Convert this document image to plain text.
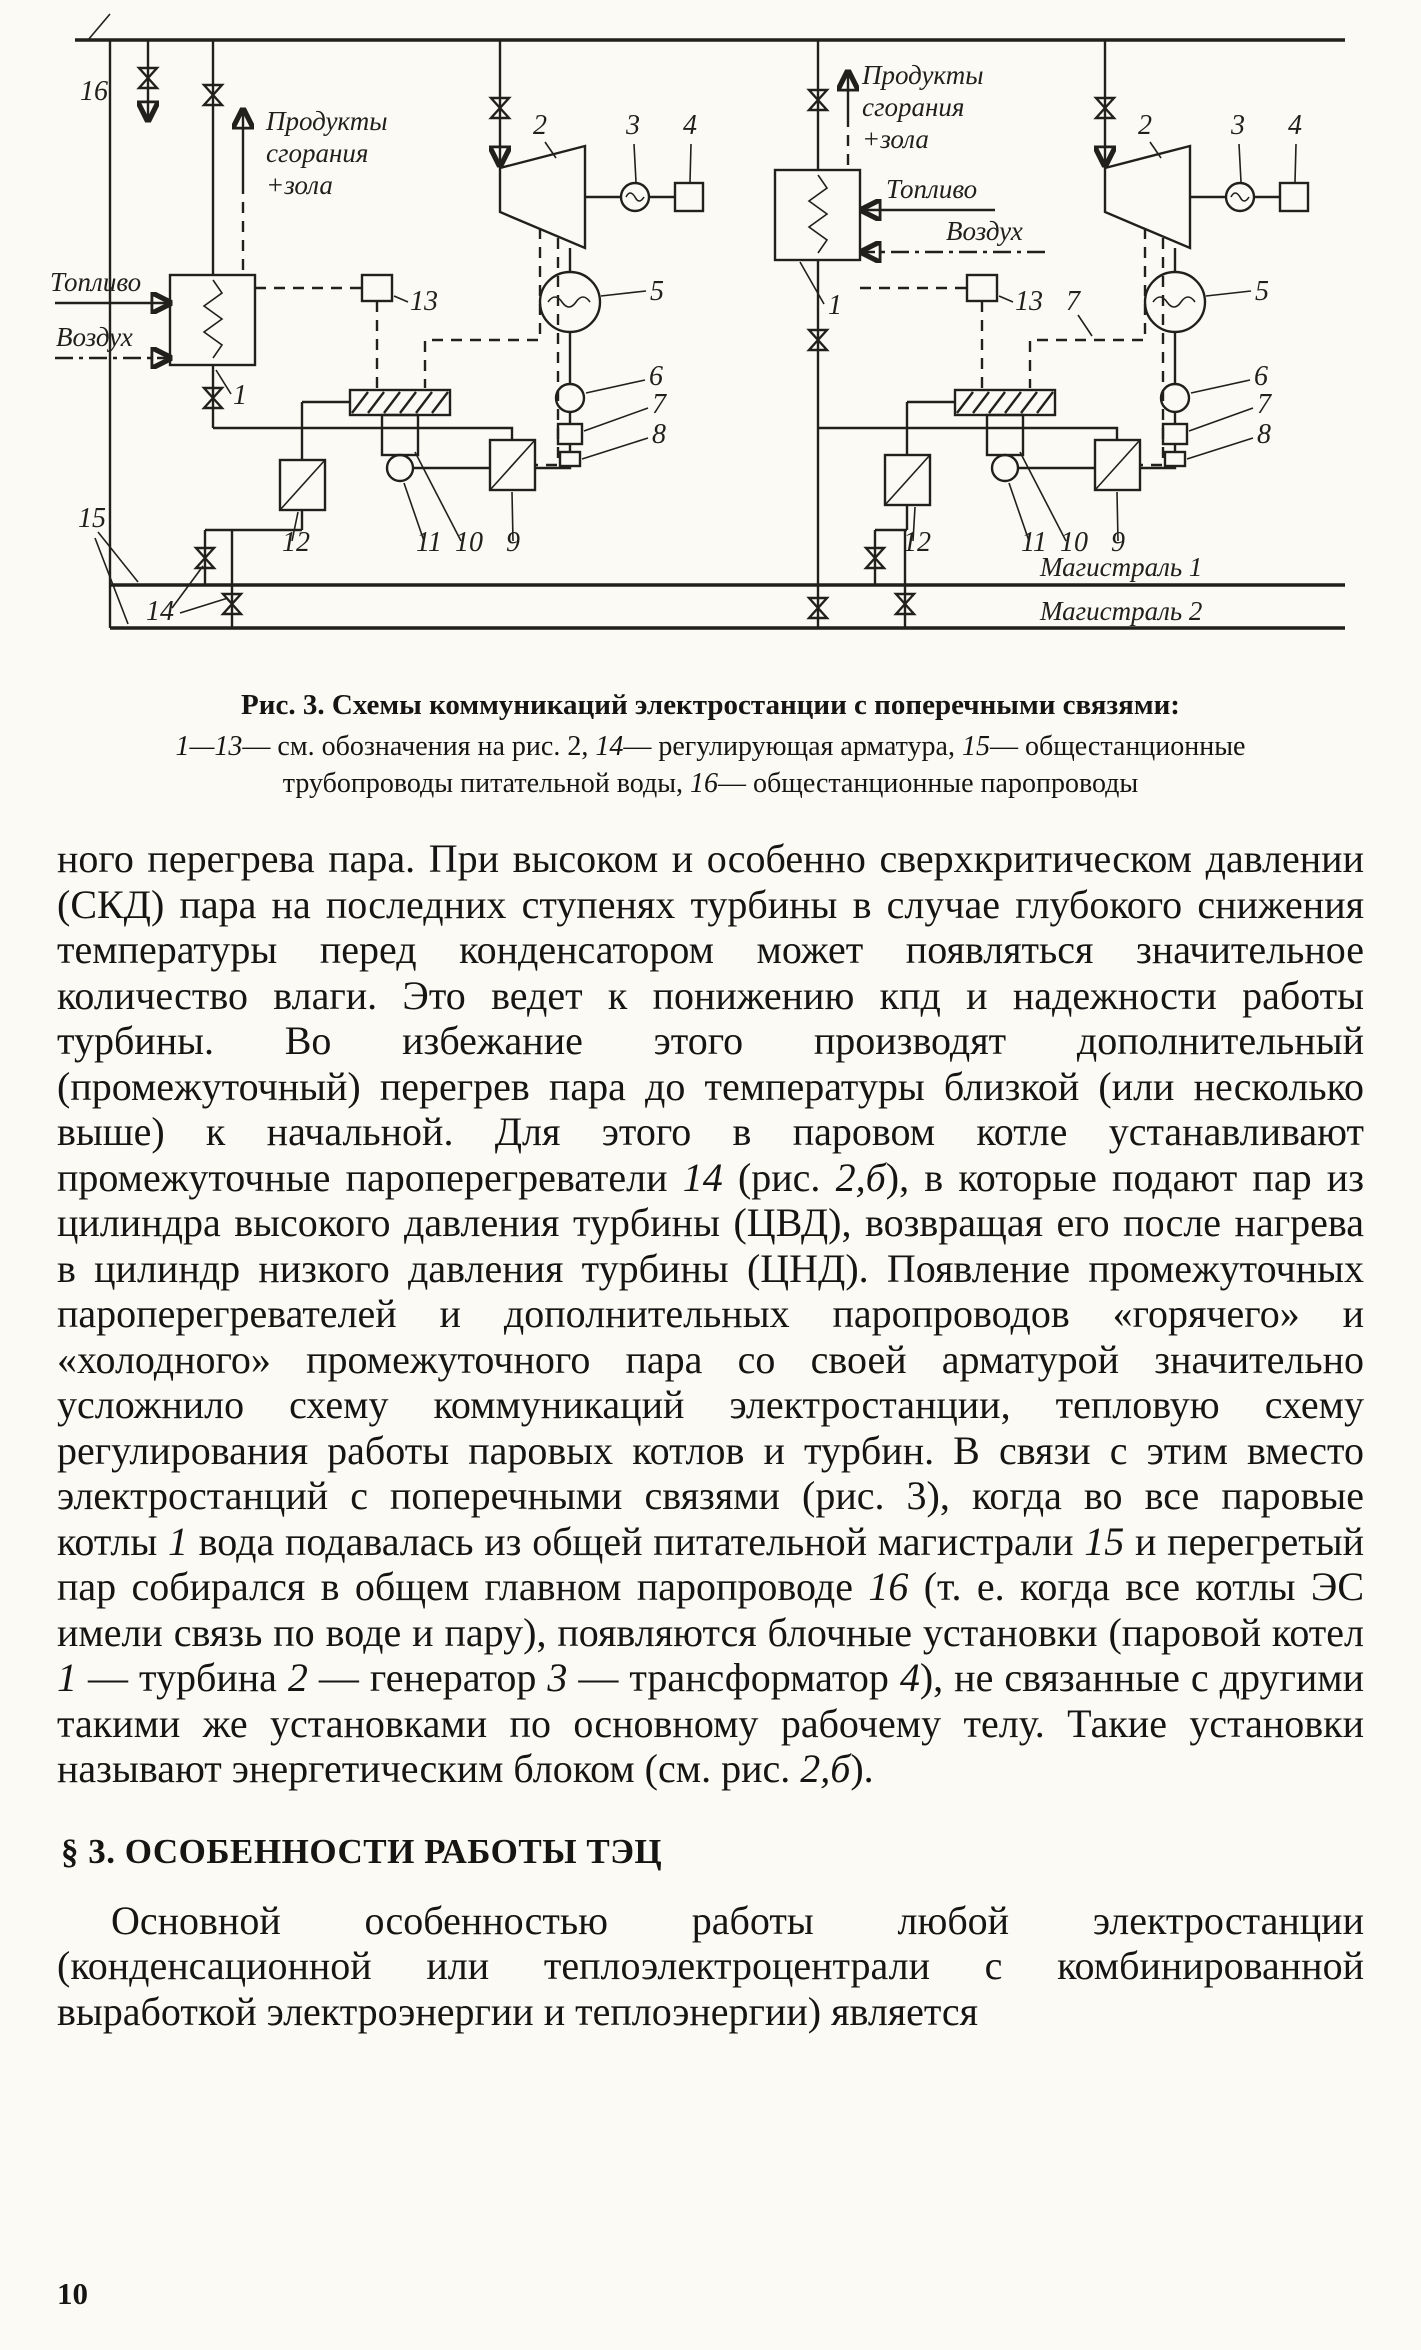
16
Магистраль 1
Магистраль 2
Продукты
сгорания
+зола
Топливо
Воздух
1
2	3 4
5
6
7
8
13
12	11 10 9
15
14
Продукты
сгорания
+зола
Топливо
Воздух
1
2	3 4
5
6
7
8
13 7
12	11 10 9
Рис. 3. Схемы коммуникаций электростанции с поперечными связями:
1—13— см. обозначения на рис. 2, 14— регулирующая арматура, 15— общестанционные трубопроводы питательной воды, 16— общестанционные паропроводы

ного перегрева пара. При высоком и особенно сверхкритическом давлении (СКД) пара на последних ступенях турбины в случае глубокого снижения температуры перед конденсатором может появляться значительное количество влаги. Это ведет к понижению кпд и надежности работы турбины. Во избежание этого производят дополнительный (промежуточный) перегрев пара до температуры близкой (или несколько выше) к начальной. Для этого в паровом котле устанавливают промежуточные пароперегреватели 14 (рис. 2,б), в которые подают пар из цилиндра высокого давления турбины (ЦВД), возвращая его после нагрева в цилиндр низкого давления турбины (ЦНД). Появление промежуточных пароперегревателей и дополнительных паропроводов «горячего» и «холодного» промежуточного пара со своей арматурой значительно усложнило схему коммуникаций электростанции, тепловую схему регулирования работы паровых котлов и турбин. В связи с этим вместо электростанций с поперечными связями (рис. 3), когда во все паровые котлы 1 вода подавалась из общей питательной магистрали 15 и перегретый пар собирался в общем главном паропроводе 16 (т. е. когда все котлы ЭС имели связь по воде и пару), появляются блочные установки (паровой котел 1 — турбина 2 — генератор 3 — трансформатор 4), не связанные с другими такими же установками по основному рабочему телу. Такие установки называют энергетическим блоком (см. рис. 2,б).

§ 3. ОСОБЕННОСТИ РАБОТЫ ТЭЦ

Основной особенностью работы любой электростанции (конденсационной или теплоэлектроцентрали с комбинированной выработкой электроэнергии и теплоэнергии) является

10
